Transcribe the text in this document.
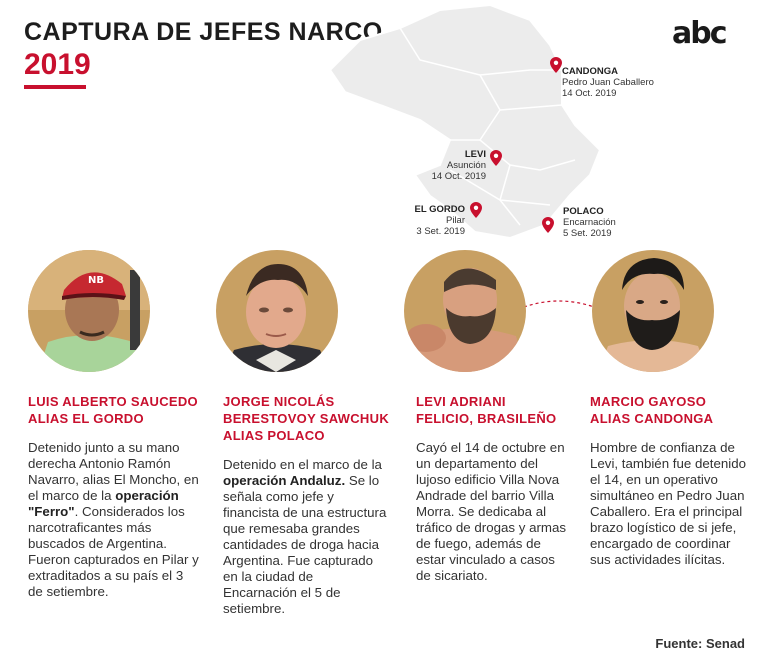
CAPTURA DE JEFES NARCO
2019
abc
CANDONGA
Pedro Juan Caballero
14 Oct. 2019
LEVI
Asunción
14 Oct. 2019
EL GORDO
Pilar
3 Set. 2019
POLACO
Encarnación
5 Set. 2019
NB
LUIS ALBERTO SAUCEDO
ALIAS EL GORDO
JORGE NICOLÁS
BERESTOVOY SAWCHUK
ALIAS POLACO
LEVI ADRIANI
FELICIO, BRASILEÑO
MARCIO GAYOSO
ALIAS CANDONGA
Detenido junto a su mano derecha Antonio Ramón Navarro, alias El Moncho, en el marco de la operación "Ferro". Considerados los narcotraficantes más buscados de Argentina. Fueron capturados en Pilar y extraditados a su país el 3 de setiembre.
Detenido en el marco de la operación Andaluz. Se lo señala como jefe y financista de una estructura que remesaba grandes cantidades de droga hacia Argentina. Fue capturado en la ciudad de Encarnación el 5 de setiembre.
Cayó el 14 de octubre en un departamento del lujoso edificio Villa Nova Andrade del barrio Villa Morra. Se dedicaba al tráfico de drogas y armas de fuego, además de estar vinculado a casos de sicariato.
Hombre de confianza de Levi, también fue detenido el 14, en un operativo simultáneo en Pedro Juan Caballero. Era el principal brazo logístico de si jefe, encargado de coordinar sus actividades ilícitas.
Fuente: Senad
